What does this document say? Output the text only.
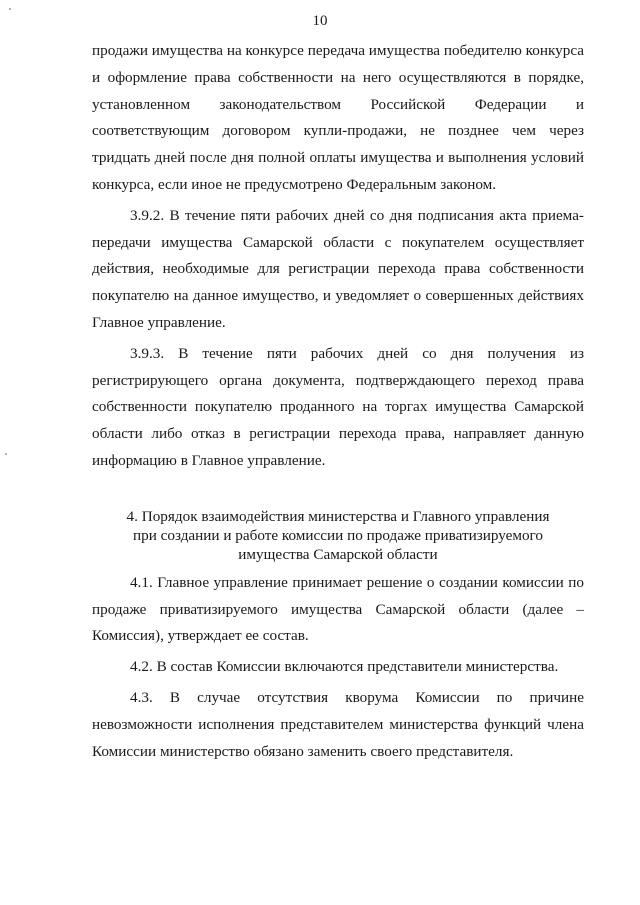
10

продажи имущества на конкурсе передача имущества победителю конкурса и оформление права собственности на него осуществляются в порядке, установленном законодательством Российской Федерации и соответствующим договором купли-продажи, не позднее чем через тридцать дней после дня полной оплаты имущества и выполнения условий конкурса, если иное не предусмотрено Федеральным законом.

3.9.2. В течение пяти рабочих дней со дня подписания акта приема-передачи имущества Самарской области с покупателем осуществляет действия, необходимые для регистрации перехода права собственности покупателю на данное имущество, и уведомляет о совершенных действиях Главное управление.

3.9.3. В течение пяти рабочих дней со дня получения из регистрирующего органа документа, подтверждающего переход права собственности покупателю проданного на торгах имущества Самарской области либо отказ в регистрации перехода права, направляет данную информацию в Главное управление.

4. Порядок взаимодействия министерства и Главного управления
при создании и работе комиссии по продаже приватизируемого
имущества Самарской области

4.1. Главное управление принимает решение о создании комиссии по продаже приватизируемого имущества Самарской области (далее – Комиссия), утверждает ее состав.

4.2. В состав Комиссии включаются представители министерства.

4.3. В случае отсутствия кворума Комиссии по причине невозможности исполнения представителем министерства функций члена Комиссии министерство обязано заменить своего представителя.
